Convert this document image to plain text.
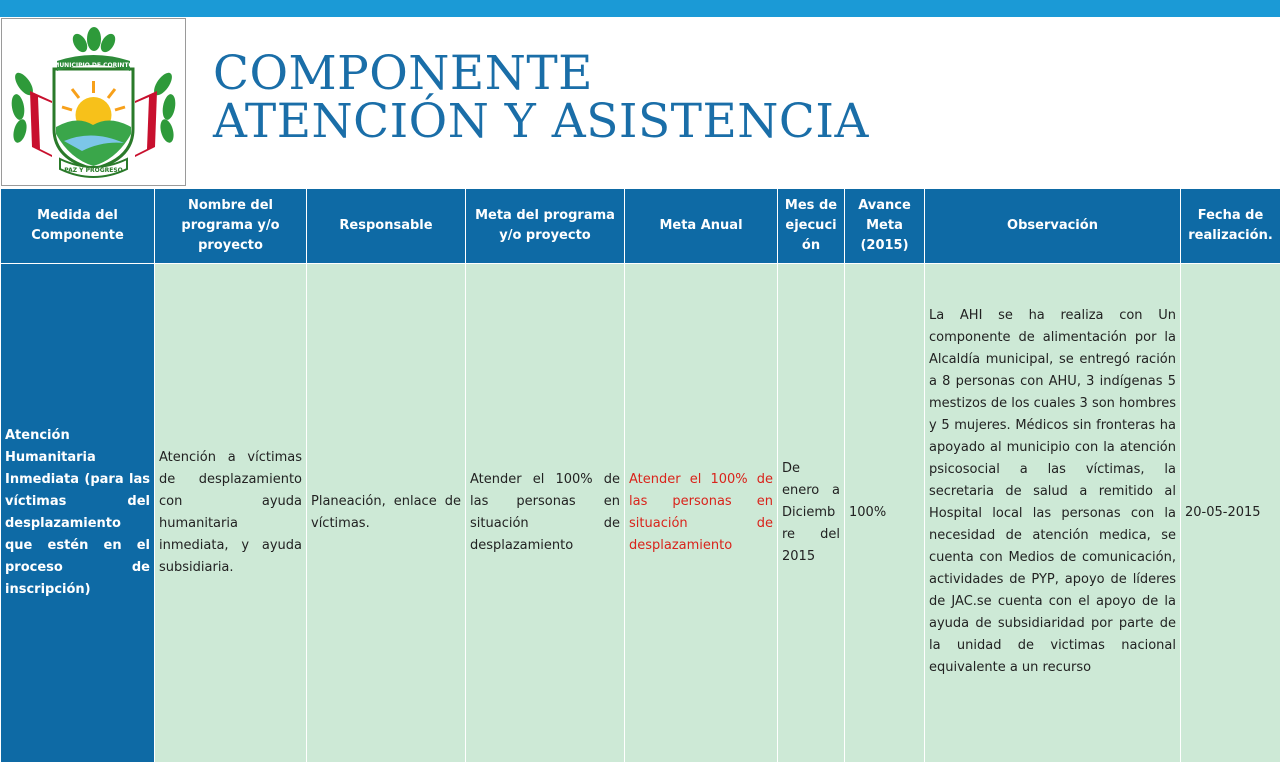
MUNICIPIO DE CORINTO
PAZ Y PROGRESO
COMPONENTE
ATENCIÓN Y ASISTENCIA
Medida del Componente	Nombre del programa y/o proyecto	Responsable	Meta del programa y/o proyecto	Meta Anual	Mes de ejecuci ón	Avance Meta (2015)	Observación	Fecha de realización.
Atención Humanitaria Inmediata (para las víctimas del desplazamiento que estén en el proceso de inscripción)	Atención a víctimas de desplazamiento con ayuda humanitaria inmediata, y ayuda subsidiaria.	Planeación, enlace de víctimas.	Atender el 100% de las personas en situación de desplazamiento	Atender el 100% de las personas en situación de desplazamiento	De enero a Diciemb re del 2015	100%	La AHI se ha realiza con Un componente de alimentación por la Alcaldía municipal, se entregó ración a 8 personas con AHU, 3 indígenas 5 mestizos de los cuales 3 son hombres y 5 mujeres. Médicos sin fronteras ha apoyado al municipio con la atención psicosocial a las víctimas, la secretaria de salud a remitido al Hospital local las personas con la necesidad de atención medica, se cuenta con Medios de comunicación, actividades de PYP, apoyo de líderes de JAC.se cuenta con el apoyo de la ayuda de subsidiaridad por parte de la unidad de victimas nacional equivalente a un recurso	20-05-2015
